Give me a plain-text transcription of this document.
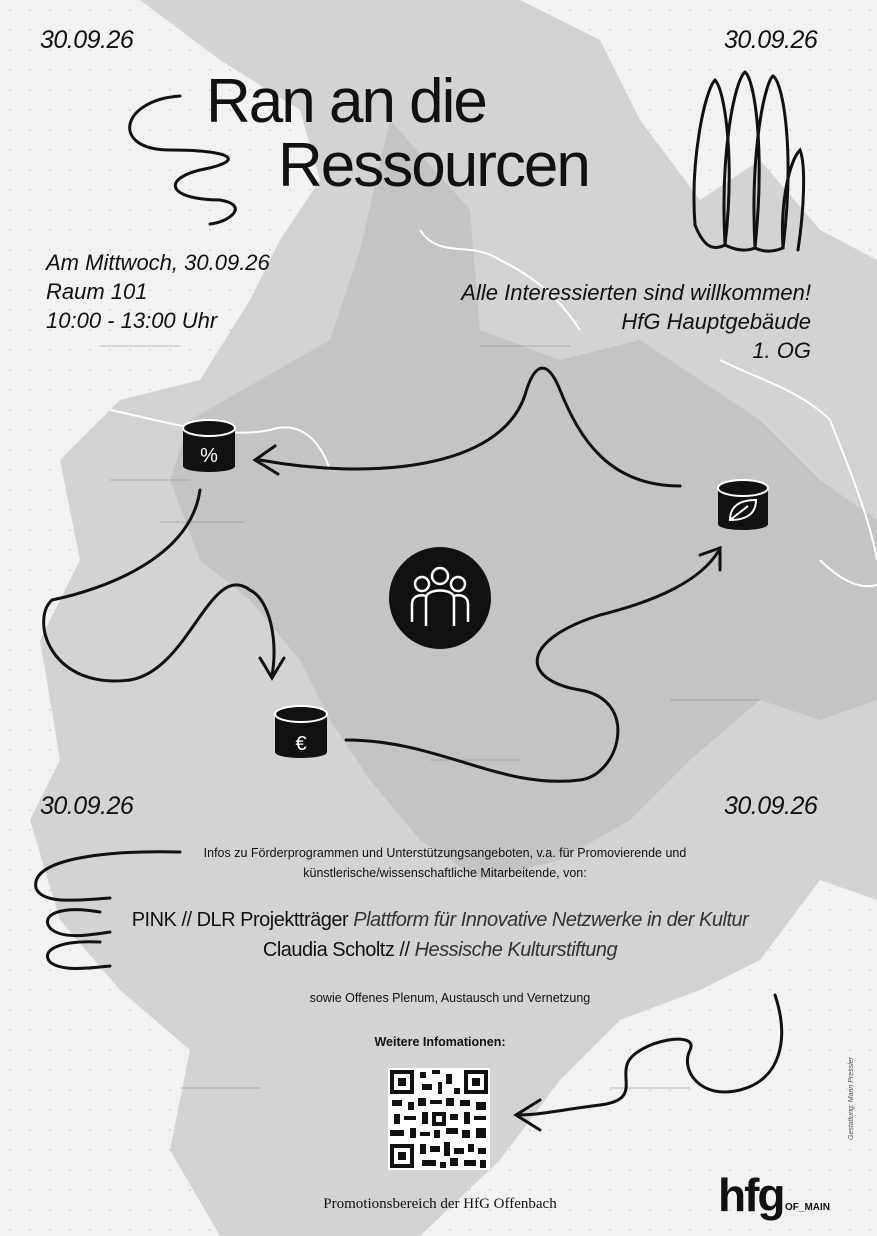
30.09.26	30.09.26
30.09.26	30.09.26
Ran an die
Ressourcen
Am Mittwoch, 30.09.26
Raum 101
10:00 - 13:00 Uhr
Alle Interessierten sind willkommen!
HfG Hauptgebäude
1. OG
%
€
Infos zu Förderprogrammen und Unterstützungsangeboten, v.a. für Promovierende und
künstlerische/wissenschaftliche Mitarbeitende, von:
PINK // DLR Projektträger Plattform für Innovative Netzwerke in der Kultur
Claudia Scholtz // Hessische Kulturstiftung
sowie Offenes Plenum, Austausch und Vernetzung
Weitere Infomationen:
Promotionsbereich der HfG Offenbach	hfg OF_MAIN
Gestaltung: Marin Pressler
